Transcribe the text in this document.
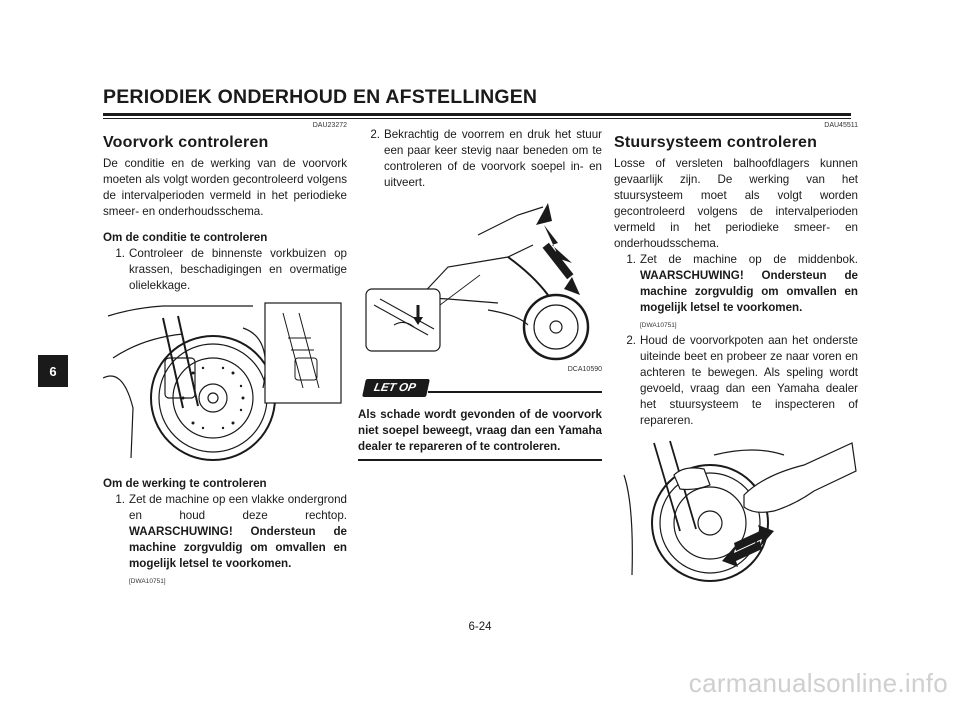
PERIODIEK ONDERHOUD EN AFSTELLINGEN
6
DAU23272
Voorvork controleren

De conditie en de werking van de voorvork moeten als volgt worden gecontroleerd volgens de intervalperioden vermeld in het periodieke smeer- en onderhoudsschema.

Om de conditie te controleren
1. Controleer de binnenste vorkbuizen op krassen, beschadigingen en overmatige olielekkage.
Om de werking te controleren
1. Zet de machine op een vlakke ondergrond en houd deze rechtop. WAARSCHUWING! Ondersteun de machine zorgvuldig om omvallen en mogelijk letsel te voorkomen.
[DWA10751]
2. Bekrachtig de voorrem en druk het stuur een paar keer stevig naar beneden om te controleren of de voorvork soepel in- en uitveert.
DCA10590
LET OP
Als schade wordt gevonden of de voorvork niet soepel beweegt, vraag dan een Yamaha dealer te repareren of te controleren.
DAU45511
Stuursysteem controleren

Losse of versleten balhoofdlagers kunnen gevaarlijk zijn. De werking van het stuursysteem moet als volgt worden gecontroleerd volgens de intervalperioden vermeld in het periodieke smeer- en onderhoudsschema.

1. Zet de machine op de middenbok. WAARSCHUWING! Ondersteun de machine zorgvuldig om omvallen en mogelijk letsel te voorkomen.
[DWA10751]
2. Houd de voorvorkpoten aan het onderste uiteinde beet en probeer ze naar voren en achteren te bewegen. Als speling wordt gevoeld, vraag dan een Yamaha dealer het stuursysteem te inspecteren of repareren.
6-24
carmanualsonline.info
